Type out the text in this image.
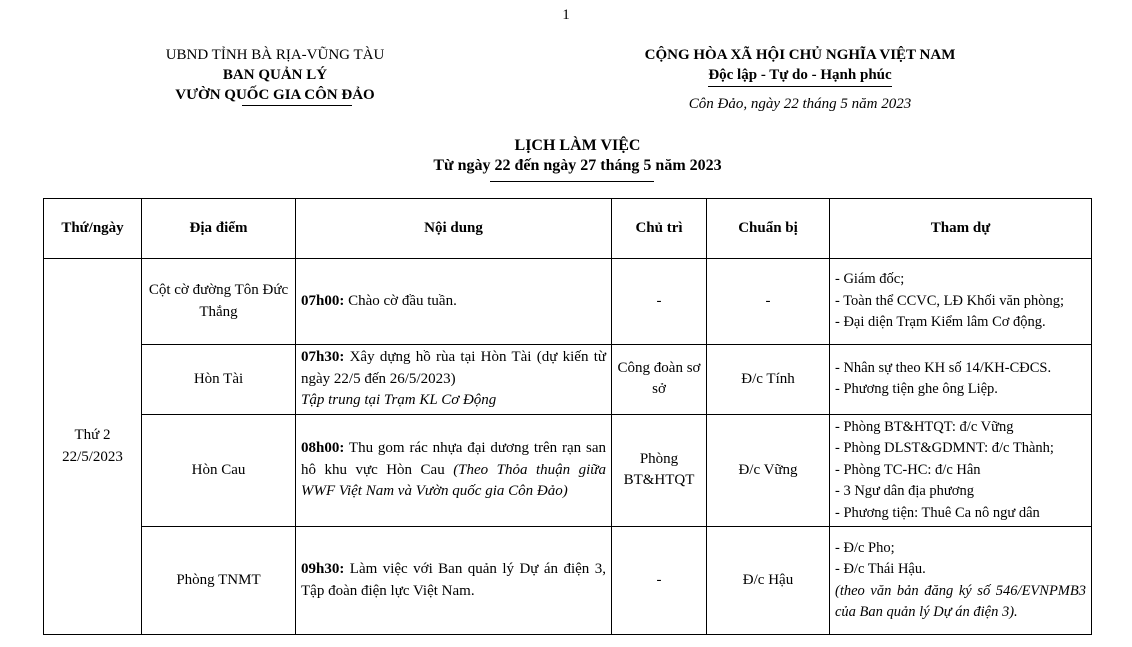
1
UBND TỈNH BÀ RỊA-VŨNG TÀU
BAN QUẢN LÝ
VƯỜN QUỐC GIA CÔN ĐẢO
CỘNG HÒA XÃ HỘI CHỦ NGHĨA VIỆT NAM
Độc lập - Tự do - Hạnh phúc
Côn Đảo, ngày 22 tháng 5 năm 2023
LỊCH LÀM VIỆC
Từ ngày 22 đến ngày 27 tháng 5 năm 2023
Thứ/ngày	Địa điểm	Nội dung	Chủ trì	Chuẩn bị	Tham dự

Thứ 2
22/5/2023	Cột cờ đường Tôn Đức Thắng	07h00: Chào cờ đầu tuần.	-	-	- Giám đốc;
- Toàn thể CCVC, LĐ Khối văn phòng;
- Đại diện Trạm Kiểm lâm Cơ động.

	Hòn Tài	07h30: Xây dựng hồ rùa tại Hòn Tài (dự kiến từ ngày 22/5 đến 26/5/2023)
Tập trung tại Trạm KL Cơ Động	Công đoàn sơ sở	Đ/c Tính	- Nhân sự theo KH số 14/KH-CĐCS.
- Phương tiện ghe ông Liệp.

	Hòn Cau	08h00: Thu gom rác nhựa đại dương trên rạn san hô khu vực Hòn Cau (Theo Thỏa thuận giữa WWF Việt Nam và Vườn quốc gia Côn Đảo)	Phòng BT&HTQT	Đ/c Vững	- Phòng BT&HTQT: đ/c Vững
- Phòng DLST&GDMNT: đ/c Thành;
- Phòng TC-HC: đ/c Hân
- 3 Ngư dân địa phương
- Phương tiện: Thuê Ca nô ngư dân

	Phòng TNMT	09h30: Làm việc với Ban quản lý Dự án điện 3, Tập đoàn điện lực Việt Nam.	-	Đ/c Hậu	- Đ/c Pho;
- Đ/c Thái Hậu.
(theo văn bản đăng ký số 546/EVNPMB3 của Ban quản lý Dự án điện 3).
